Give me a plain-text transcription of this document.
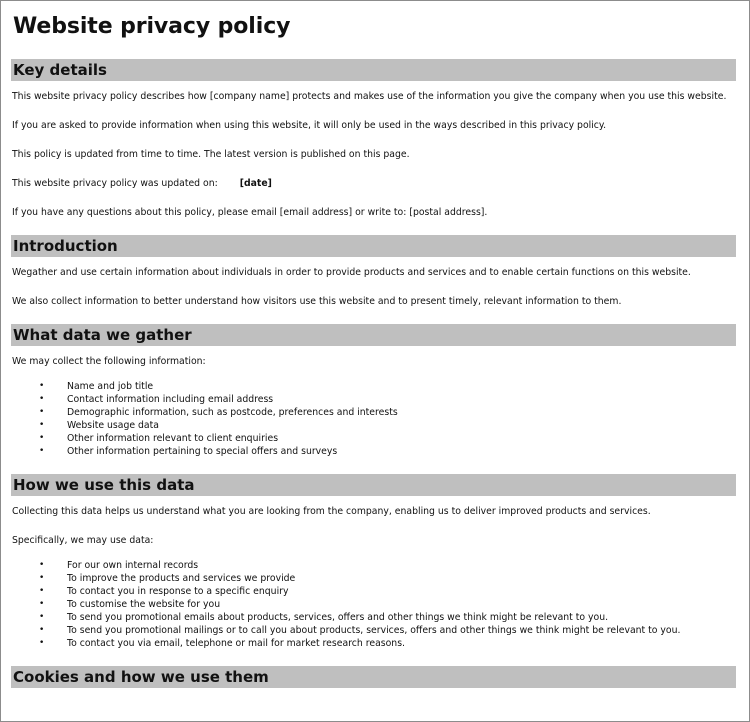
Website privacy policy
Key details

This website privacy policy describes how [company name] protects and makes use of the information you give the company when you use this website.

If you are asked to provide information when using this website, it will only be used in the ways described in this privacy policy.

This policy is updated from time to time. The latest version is published on this page.

This website privacy policy was updated on: [date]

If you have any questions about this policy, please email [email address] or write to: [postal address].

Introduction

Wegather and use certain information about individuals in order to provide products and services and to enable certain functions on this website.

We also collect information to better understand how visitors use this website and to present timely, relevant information to them.

What data we gather

We may collect the following information:

• Name and job title
• Contact information including email address
• Demographic information, such as postcode, preferences and interests
• Website usage data
• Other information relevant to client enquiries
• Other information pertaining to special offers and surveys
How we use this data

Collecting this data helps us understand what you are looking from the company, enabling us to deliver improved products and services.

Specifically, we may use data:

• For our own internal records
• To improve the products and services we provide
• To contact you in response to a specific enquiry
• To customise the website for you
• To send you promotional emails about products, services, offers and other things we think might be relevant to you.
• To send you promotional mailings or to call you about products, services, offers and other things we think might be relevant to you.
• To contact you via email, telephone or mail for market research reasons.
Cookies and how we use them
